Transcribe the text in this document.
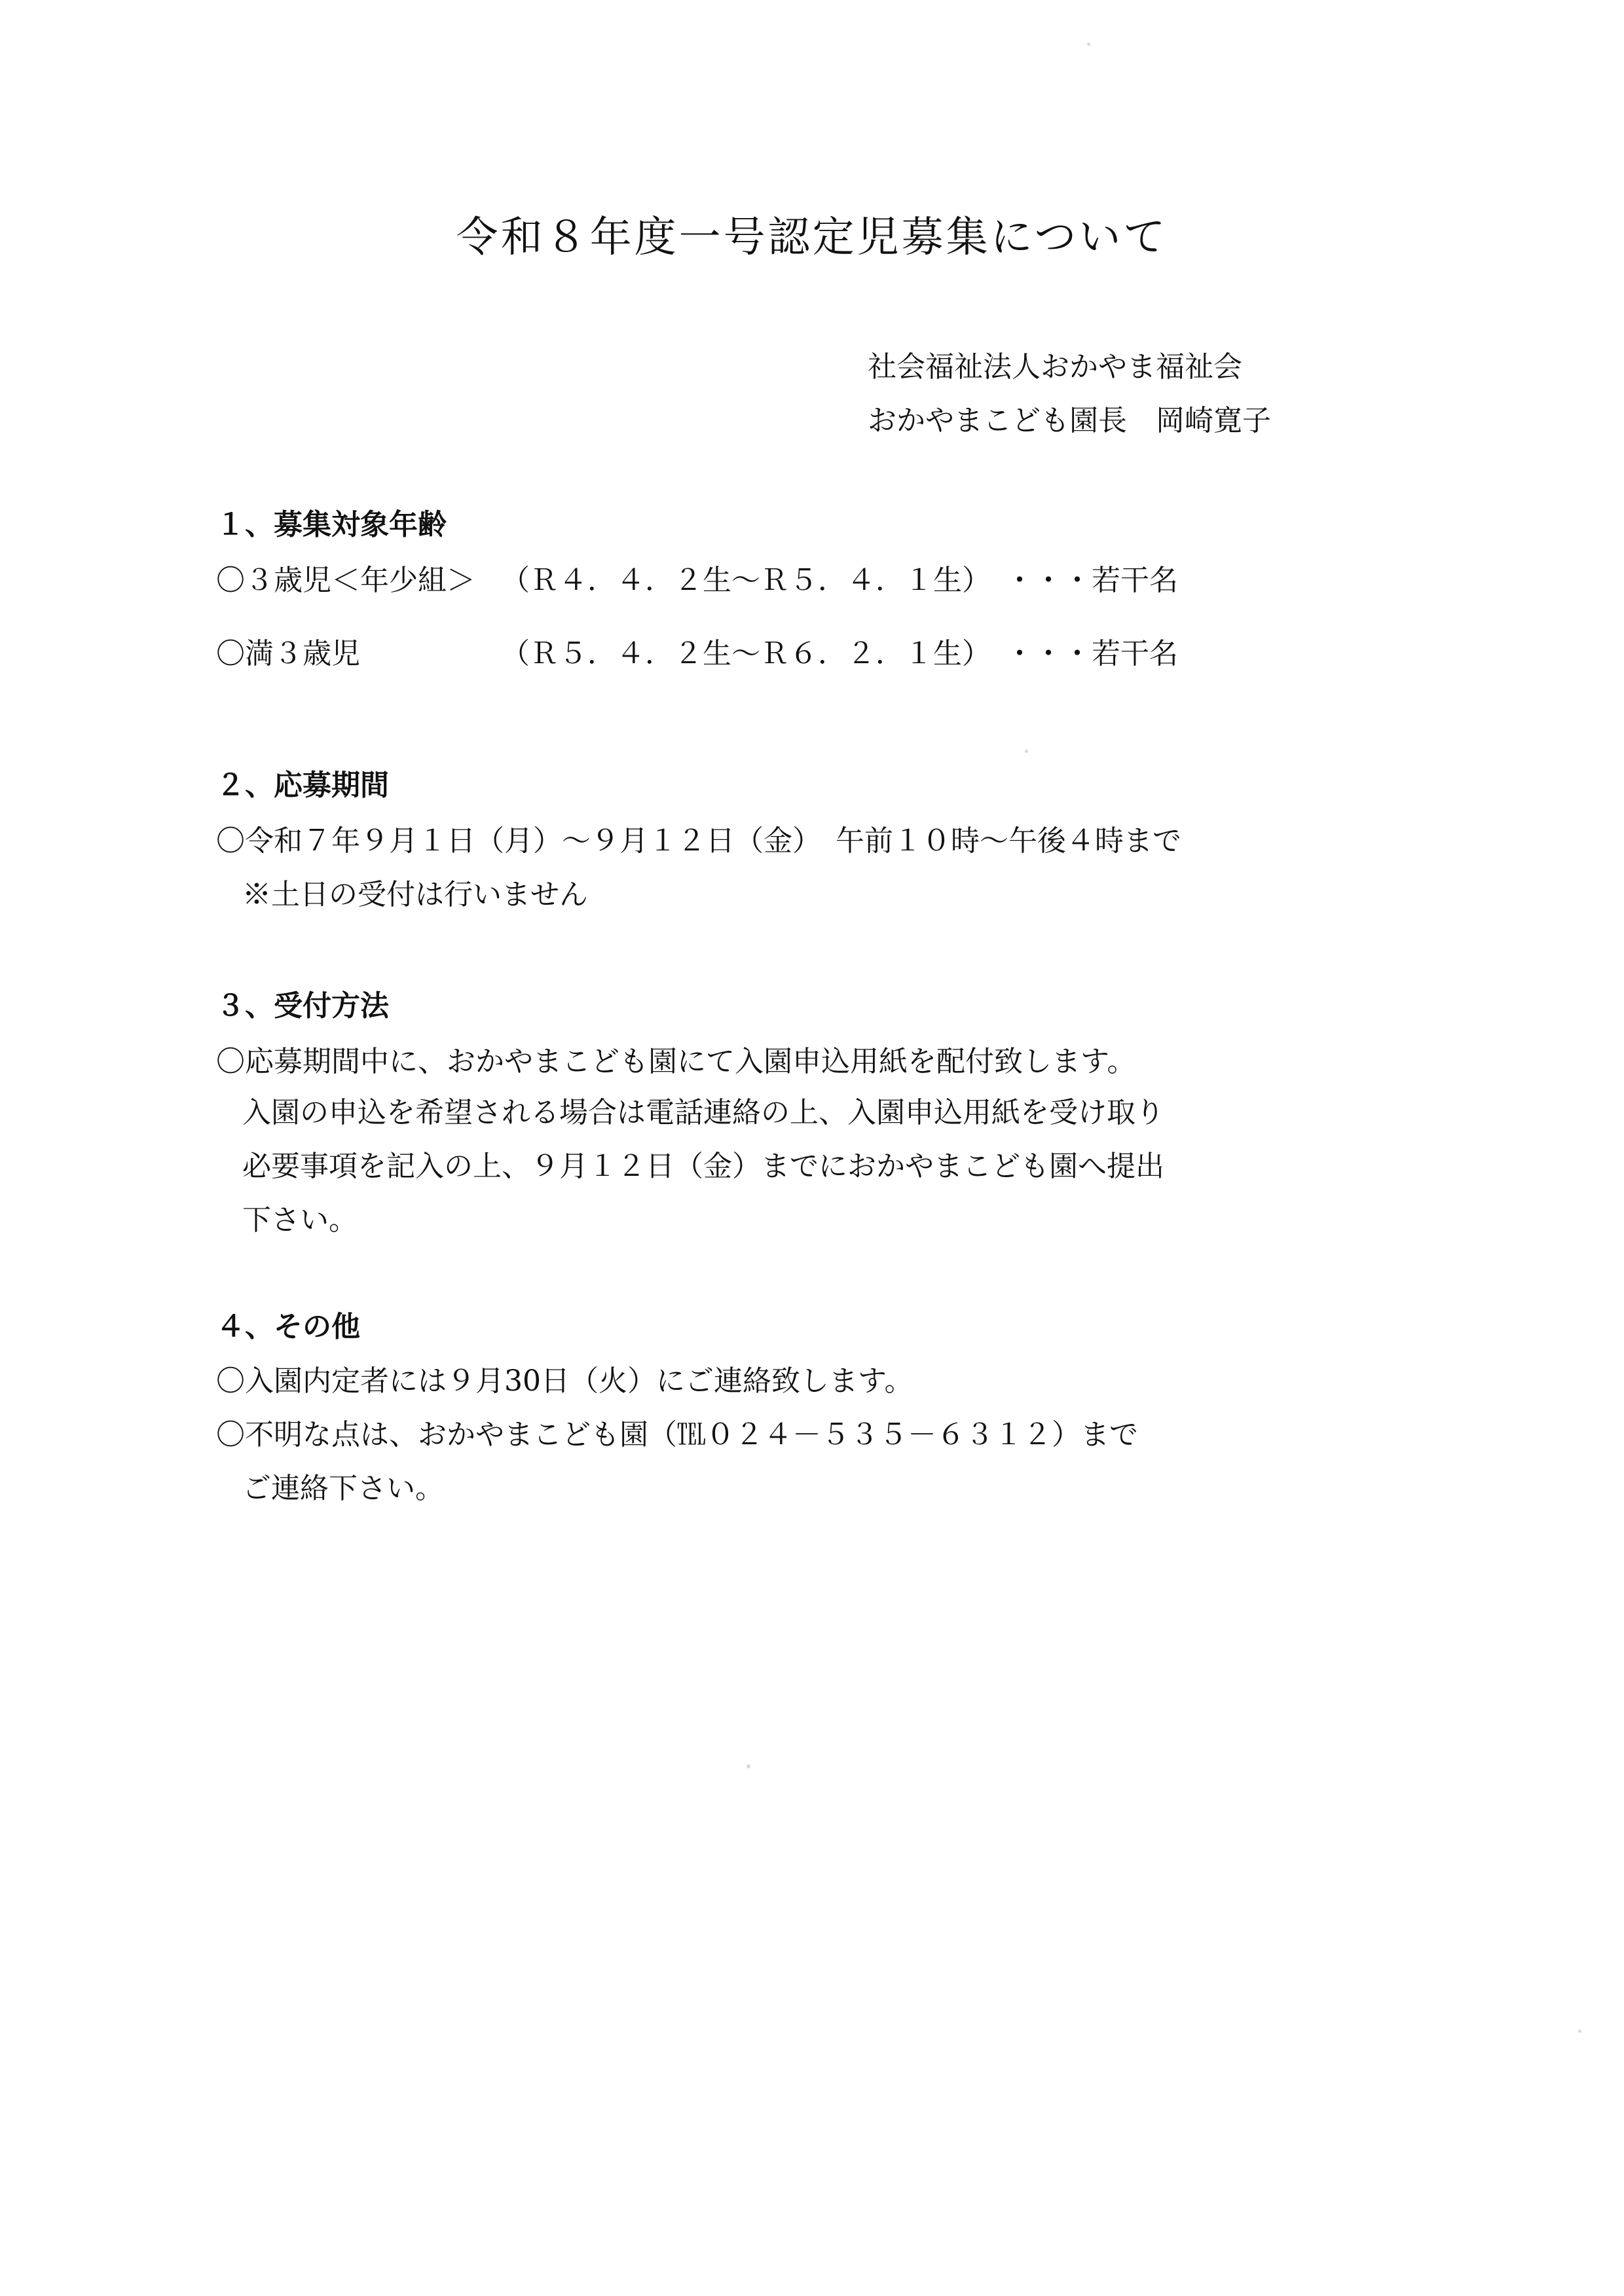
令和８年度一号認定児募集について
社会福祉法人おかやま福祉会
おかやまこども園長　岡崎寛子
１、募集対象年齢
〇３歳児＜年少組＞ （Ｒ４．４．２生～Ｒ５．４．１生）　・・・若干名
〇満３歳児	（Ｒ５．４．２生～Ｒ６．２．１生）　・・・若干名
２、応募期間
〇令和７年９月１日（月）～９月１２日（金）　午前１０時～午後４時まで
※土日の受付は行いません
３、受付方法
〇応募期間中に、おかやまこども園にて入園申込用紙を配付致します。
入園の申込を希望される場合は電話連絡の上、入園申込用紙を受け取り
必要事項を記入の上、９月１２日（金）までにおかやまこども園へ提出
下さい。
４、その他
〇入園内定者には９月30日（火）にご連絡致します。
〇不明な点は、おかやまこども園（℡０２４－５３５－６３１２）まで
ご連絡下さい。
